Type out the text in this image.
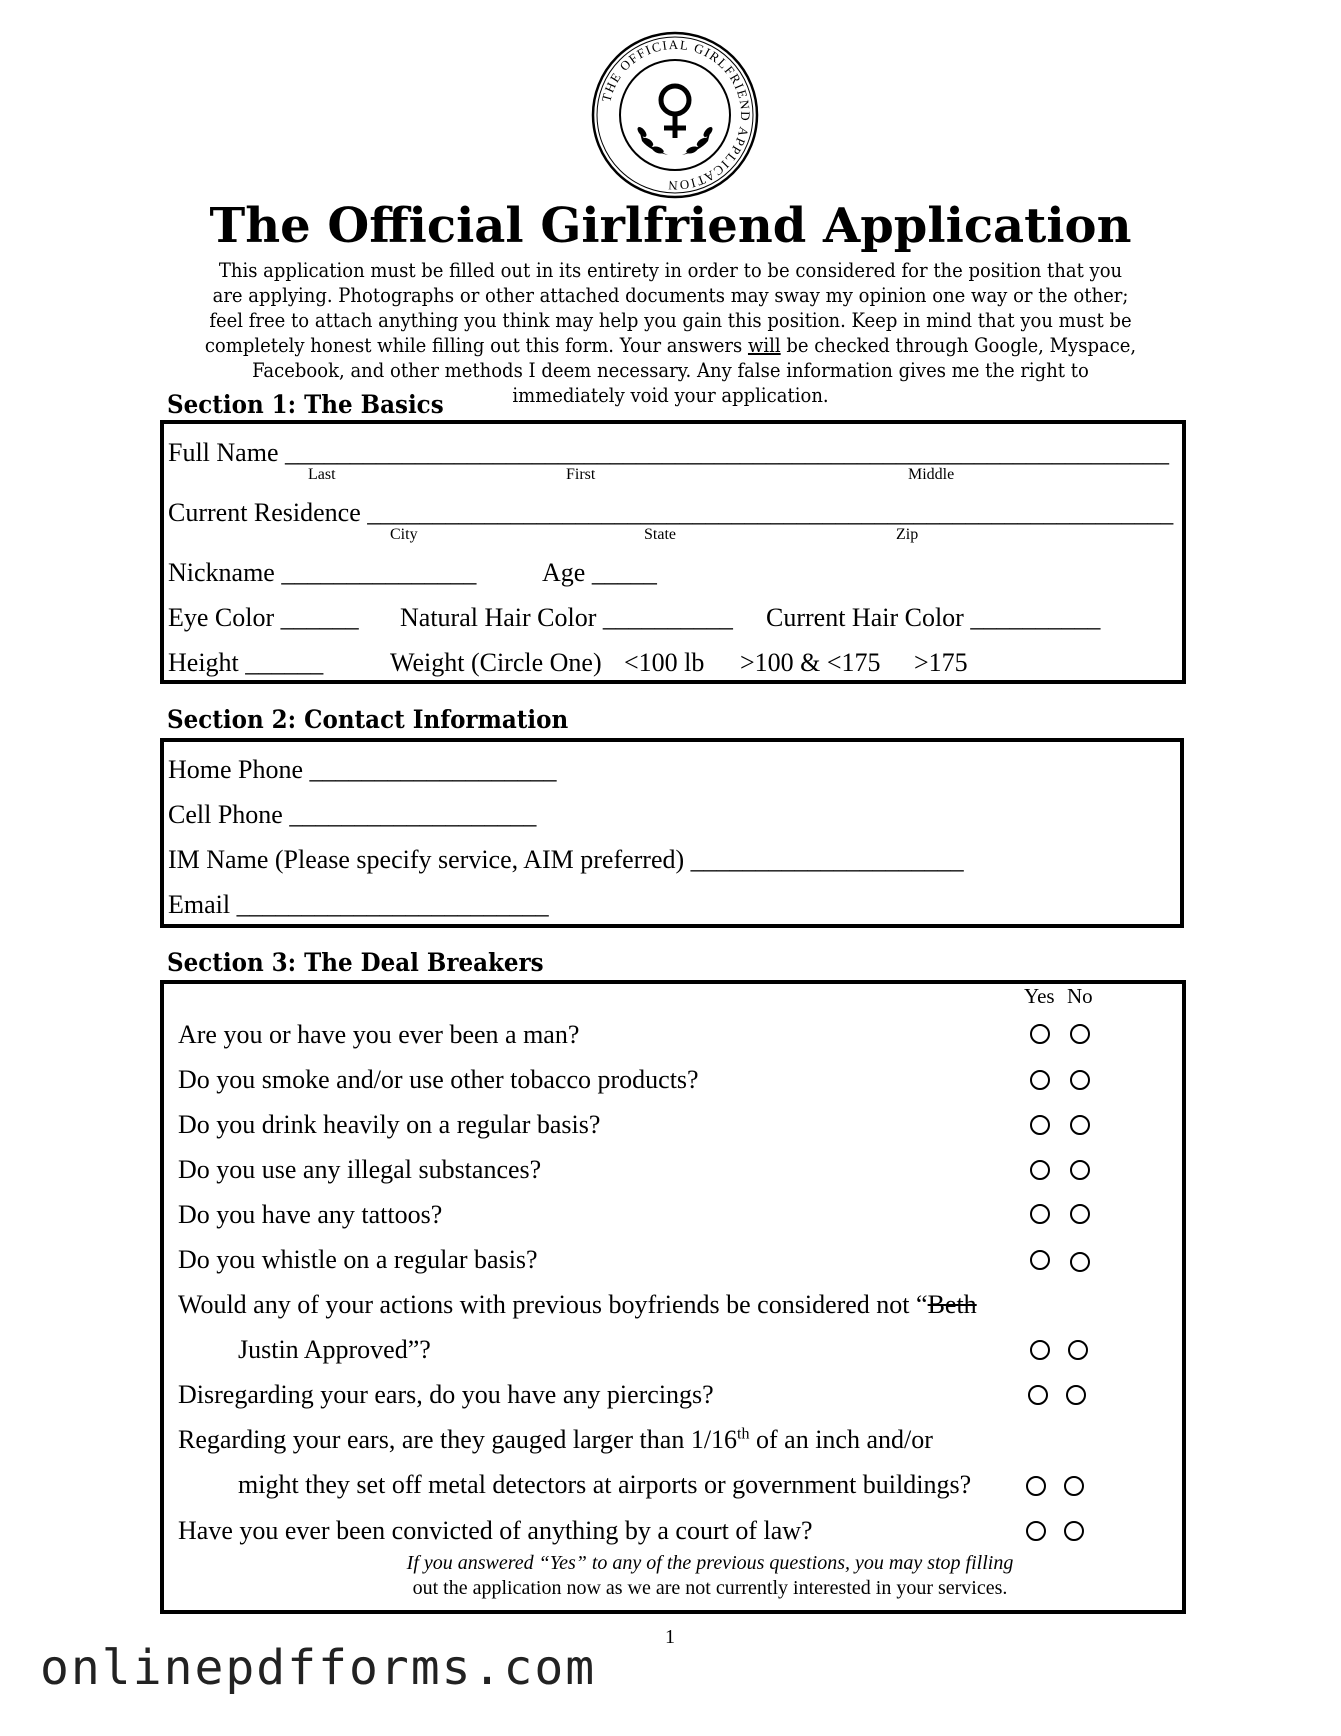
THE OFFICIAL GIRLFRIEND APPLICATION
The Official Girlfriend Application
This application must be filled out in its entirety in order to be considered for the position that you are applying. Photographs or other attached documents may sway my opinion one way or the other; feel free to attach anything you think may help you gain this position. Keep in mind that you must be completely honest while filling out this form. Your answers will be checked through Google, Myspace, Facebook, and other methods I deem necessary. Any false information gives me the right to immediately void your application.
Section 1: The Basics
Full Name ____________________________________________________________________
Last	First	Middle
Current Residence ______________________________________________________________
City	State	Zip
Nickname _______________	Age _____
Eye Color ______ Natural Hair Color __________ Current Hair Color __________
Height ______	Weight (Circle One) <100 lb >100 & <175 >175
Section 2: Contact Information
Home Phone ___________________
Cell Phone ___________________
IM Name (Please specify service, AIM preferred) _____________________
Email ________________________
Section 3: The Deal Breakers
Yes No
Are you or have you ever been a man?
Do you smoke and/or use other tobacco products?
Do you drink heavily on a regular basis?
Do you use any illegal substances?
Do you have any tattoos?
Do you whistle on a regular basis?
Would any of your actions with previous boyfriends be considered not “Beth
Justin Approved”?
Disregarding your ears, do you have any piercings?
Regarding your ears, are they gauged larger than 1/16th of an inch and/or
might they set off metal detectors at airports or government buildings?
Have you ever been convicted of anything by a court of law?
If you answered “Yes” to any of the previous questions, you may stop filling
out the application now as we are not currently interested in your services.
1
onlinepdfforms.com
